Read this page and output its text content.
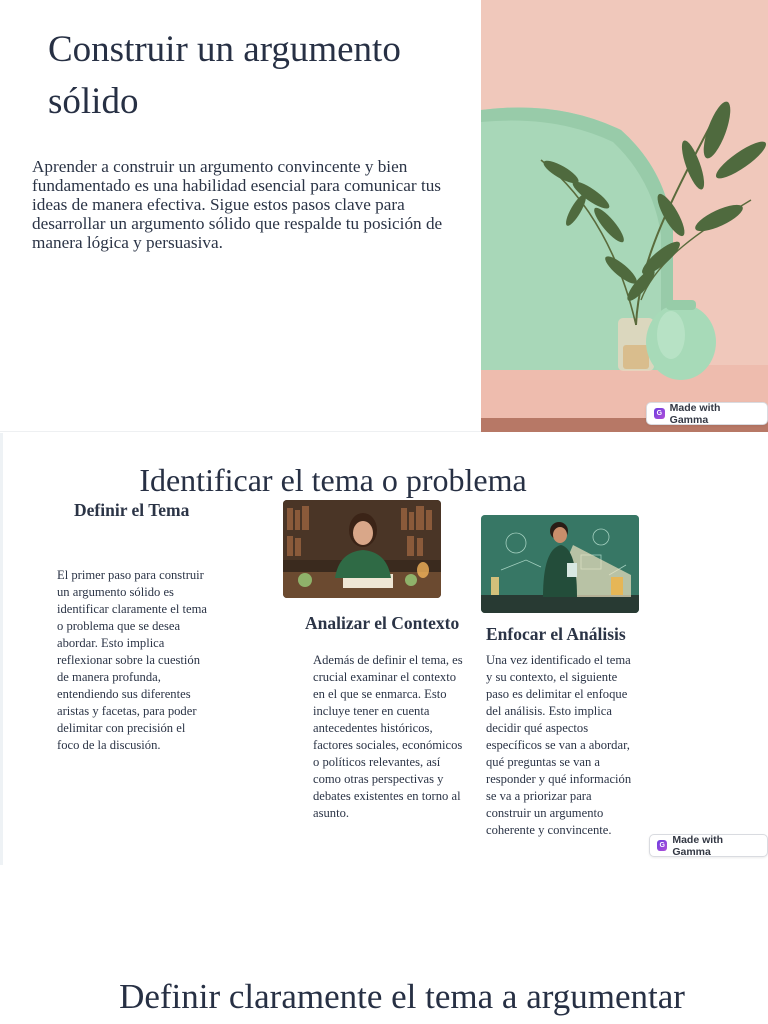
Construir un argumento sólido

Aprender a construir un argumento convincente y bien fundamentado es una habilidad esencial para comunicar tus ideas de manera efectiva. Sigue estos pasos clave para desarrollar un argumento sólido que respalde tu posición de manera lógica y persuasiva.

G Made with Gamma
Identificar el tema o problema
Definir el Tema

El primer paso para construir un argumento sólido es identificar claramente el tema o problema que se desea abordar. Esto implica reflexionar sobre la cuestión de manera profunda, entendiendo sus diferentes aristas y facetas, para poder delimitar con precisión el foco de la discusión.

Analizar el Contexto

Además de definir el tema, es crucial examinar el contexto en el que se enmarca. Esto incluye tener en cuenta antecedentes históricos, factores sociales, económicos o políticos relevantes, así como otras perspectivas y debates existentes en torno al asunto.

Enfocar el Análisis

Una vez identificado el tema y su contexto, el siguiente paso es delimitar el enfoque del análisis. Esto implica decidir qué aspectos específicos se van a abordar, qué preguntas se van a responder y qué información se va a priorizar para construir un argumento coherente y convincente.

G Made with Gamma
Definir claramente el tema a argumentar
